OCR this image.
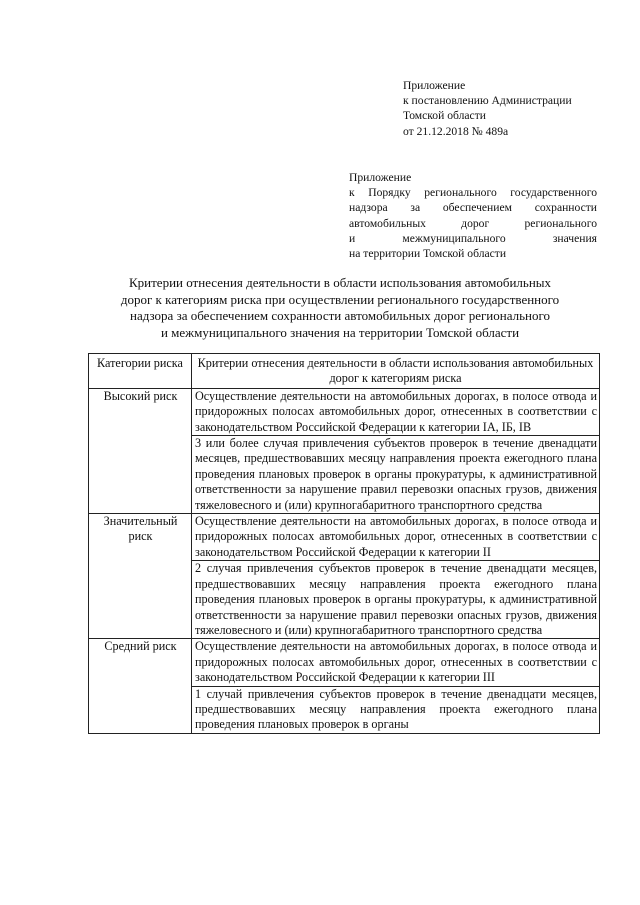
Приложение
к постановлению Администрации
Томской области
от 21.12.2018 № 489а
Приложение
к Порядку регионального государственного
надзора за обеспечением сохранности
автомобильных дорог регионального
и межмуниципального значения
на территории Томской области
Критерии отнесения деятельности в области использования автомобильных
дорог к категориям риска при осуществлении регионального государственного
надзора за обеспечением сохранности автомобильных дорог регионального
и межмуниципального значения на территории Томской области
Категории риска	Критерии отнесения деятельности в области использования автомобильных дорог к категориям риска
Высокий риск	Осуществление деятельности на автомобильных дорогах, в полосе отвода и придорожных полосах автомобильных дорог, отнесенных в соответствии с законодательством Российской Федерации к категории IА, IБ, IВ
	3 или более случая привлечения субъектов проверок в течение двенадцати месяцев, предшествовавших месяцу направления проекта ежегодного плана проведения плановых проверок в органы прокуратуры, к административной ответственности за нарушение правил перевозки опасных грузов, движения тяжеловесного и (или) крупногабаритного транспортного средства
Значительный риск	Осуществление деятельности на автомобильных дорогах, в полосе отвода и придорожных полосах автомобильных дорог, отнесенных в соответствии с законодательством Российской Федерации к категории II
	2 случая привлечения субъектов проверок в течение двенадцати месяцев, предшествовавших месяцу направления проекта ежегодного плана проведения плановых проверок в органы прокуратуры, к административной ответственности за нарушение правил перевозки опасных грузов, движения тяжеловесного и (или) крупногабаритного транспортного средства
Средний риск	Осуществление деятельности на автомобильных дорогах, в полосе отвода и придорожных полосах автомобильных дорог, отнесенных в соответствии с законодательством Российской Федерации к категории III
	1 случай привлечения субъектов проверок в течение двенадцати месяцев, предшествовавших месяцу направления проекта ежегодного плана проведения плановых проверок в органы
